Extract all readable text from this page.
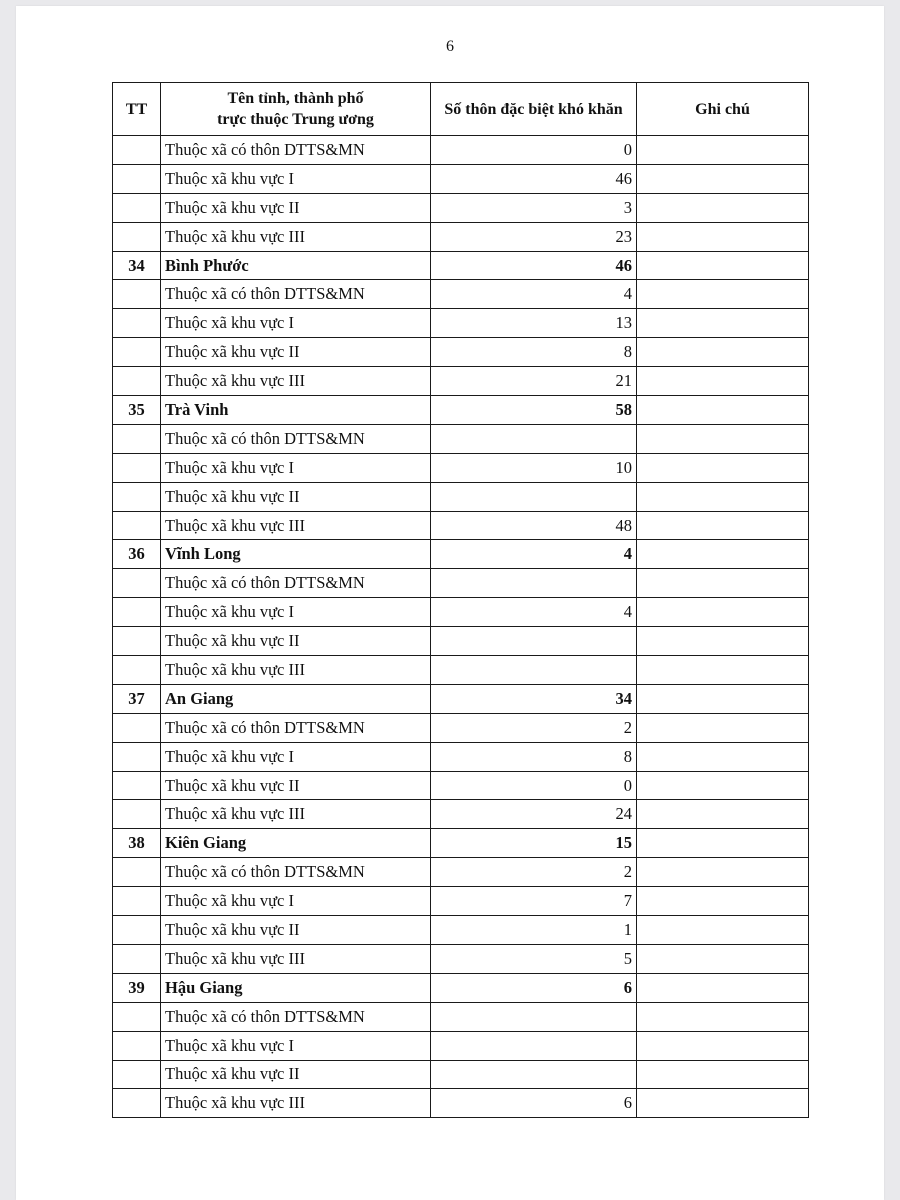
6
TT	Tên tỉnh, thành phố
trực thuộc Trung ương	Số thôn đặc biệt khó khăn	Ghi chú
	Thuộc xã có thôn DTTS&MN	0	
	Thuộc xã khu vực I	46	
	Thuộc xã khu vực II	3	
	Thuộc xã khu vực III	23	
34	Bình Phước	46	
	Thuộc xã có thôn DTTS&MN	4	
	Thuộc xã khu vực I	13	
	Thuộc xã khu vực II	8	
	Thuộc xã khu vực III	21	
35	Trà Vinh	58	
	Thuộc xã có thôn DTTS&MN		
	Thuộc xã khu vực I	10	
	Thuộc xã khu vực II		
	Thuộc xã khu vực III	48	
36	Vĩnh Long	4	
	Thuộc xã có thôn DTTS&MN		
	Thuộc xã khu vực I	4	
	Thuộc xã khu vực II		
	Thuộc xã khu vực III		
37	An Giang	34	
	Thuộc xã có thôn DTTS&MN	2	
	Thuộc xã khu vực I	8	
	Thuộc xã khu vực II	0	
	Thuộc xã khu vực III	24	
38	Kiên Giang	15	
	Thuộc xã có thôn DTTS&MN	2	
	Thuộc xã khu vực I	7	
	Thuộc xã khu vực II	1	
	Thuộc xã khu vực III	5	
39	Hậu Giang	6	
	Thuộc xã có thôn DTTS&MN		
	Thuộc xã khu vực I		
	Thuộc xã khu vực II		
	Thuộc xã khu vực III	6	
